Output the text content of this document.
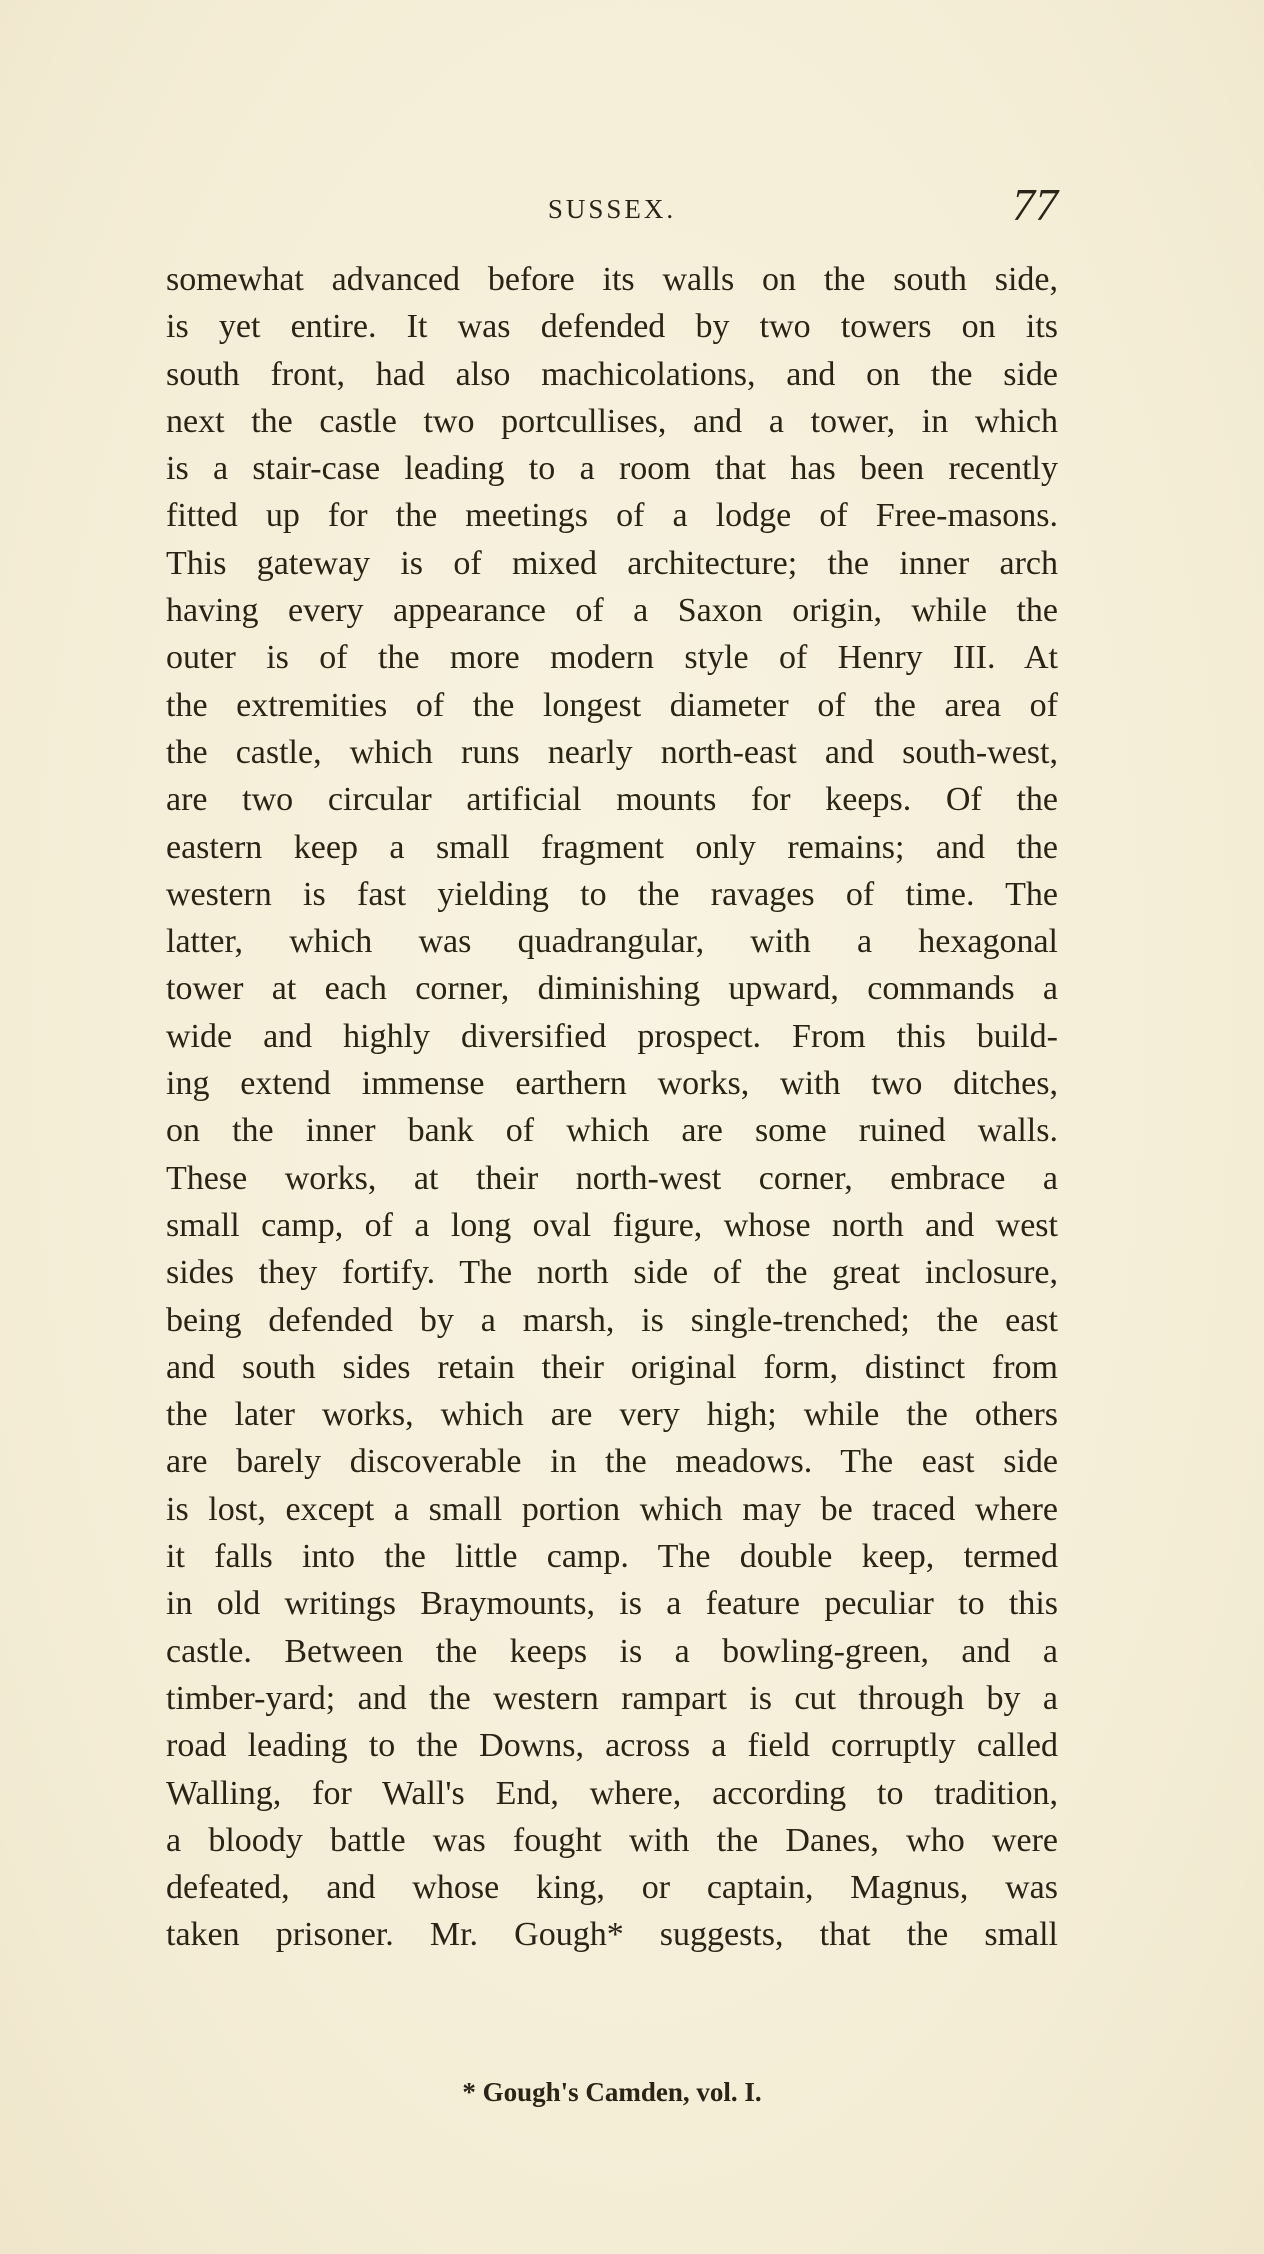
SUSSEX.	77
somewhat advanced before its walls on the south side,
is yet entire. It was defended by two towers on its
south front, had also machicolations, and on the side
next the castle two portcullises, and a tower, in which
is a stair-case leading to a room that has been recently
fitted up for the meetings of a lodge of Free-masons.
This gateway is of mixed architecture; the inner arch
having every appearance of a Saxon origin, while the
outer is of the more modern style of Henry III. At
the extremities of the longest diameter of the area of
the castle, which runs nearly north-east and south-west,
are two circular artificial mounts for keeps. Of the
eastern keep a small fragment only remains; and the
western is fast yielding to the ravages of time. The
latter, which was quadrangular, with a hexagonal
tower at each corner, diminishing upward, commands a
wide and highly diversified prospect. From this build-
ing extend immense earthern works, with two ditches,
on the inner bank of which are some ruined walls.
These works, at their north-west corner, embrace a
small camp, of a long oval figure, whose north and west
sides they fortify. The north side of the great inclosure,
being defended by a marsh, is single-trenched; the east
and south sides retain their original form, distinct from
the later works, which are very high; while the others
are barely discoverable in the meadows. The east side
is lost, except a small portion which may be traced where
it falls into the little camp. The double keep, termed
in old writings Braymounts, is a feature peculiar to this
castle. Between the keeps is a bowling-green, and a
timber-yard; and the western rampart is cut through by a
road leading to the Downs, across a field corruptly called
Walling, for Wall's End, where, according to tradition,
a bloody battle was fought with the Danes, who were
defeated, and whose king, or captain, Magnus, was
taken prisoner. Mr. Gough* suggests, that the small
* Gough's Camden, vol. I.
